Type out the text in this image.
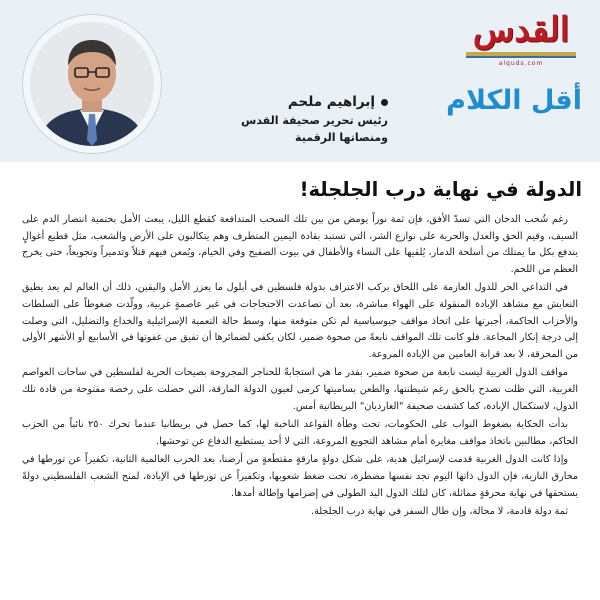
القدس
alquds.com
أقل الكلام
إبراهيم ملحم
رئيس تحرير صحيفة القدس
ومنصاتها الرقمية
الدولة في نهاية درب الجلجلة!

رغم شُحب الدخان التي تسدّ الأفق، فإن ثمة نوراً يومض من بين تلك السحب المتدافعة كقطع الليل، يبعث الأمل بحتمية انتصار الدم على السيف، وقيم الحق والعدل والحرية على نوازع الشر، التي تستبد بقادة اليمين المتطرف وهم يتكالبون على الأرض والشعب، مثل قطيع أغوالٍ يندفع بكل ما يمتلك من أسلحة الدمار، يُلقيها على النساء والأطفال في بيوت الصفيح وفي الخيام، ويُمعن فيهم قتلاً وتدميراً وتجويعاً، حتى يخرج العظم من اللحم.

في التداعي الحر للدول العازمة على اللحاق بركب الاعتراف بدولة فلسطين في أيلول ما يعزز الأمل واليقين، ذلك أن العالم لم يعد يطيق التعايش مع مشاهد الإبادة المنقولة على الهواء مباشرة، بعد أن تصاعدت الاحتجاجات في غير عاصمةٍ غربية، وولّدت ضغوطاً على السلطات والأحزاب الحاكمة، أجبرتها على اتخاذ مواقف جيوسياسية لم تكن متوقعة منها، وسط حالة التعمية الإسرائيلية والخداع والتضليل، التي وصلت إلى درجة إنكار المجاعة. فلو كانت تلك المواقف نابعةً من صحوة ضمير، لكان يكفي لضمائرها أن تفيق من غفوتها في الأسابيع أو الأشهر الأولى من المحرقة، لا بعد قرابة العامين من الإبادة المروعة.

مواقف الدول الغربية ليست نابعة من صحوة ضمير، بقدر ما هي استجابةٌ للحناجر المجروحة بصيحات الحرية لفلسطين في ساحات العواصم الغربية، التي ظلت تصدح بالحق رغم شيطنتها، والطعن بساميتها كرمى لعيون الدولة المارقة، التي حصلت على رخصة مفتوحة من قادة تلك الدول، لاستكمال الإبادة، كما كشفت صحيفة "الغارديان" البريطانية أمس.

بدأت الحكاية بضغوط النواب على الحكومات، تحت وطأة القواعد الناخبة لها، كما حصل في بريطانيا عندما تحرك ٢٥٠ نائباً من الحزب الحاكم، مطالبين باتخاذ مواقف مغايرة أمام مشاهد التجويع المروعة، التي لا أحد يستطيع الدفاع عن توحشها.

وإذا كانت الدول الغربية قدمت لإسرائيل هدية، على شكل دولةٍ مارقةٍ مقتطَعةٍ من أرضنا، بعد الحرب العالمية الثانية، تكفيراً عن تورطها في محارق النازية، فإن الدول ذاتها اليوم تجد نفسها مضطرة، تحت ضغط شعوبها، وتكفيراً عن تورطها في الإبادة، لمنح الشعب الفلسطيني دولةً يستحقها في نهاية محرقةٍ مماثلة، كان لتلك الدول اليد الطولى في إضرامها وإطالة أمدها.

ثمة دولة قادمة، لا محالة، وإن طال السفر في نهاية درب الجلجلة.
